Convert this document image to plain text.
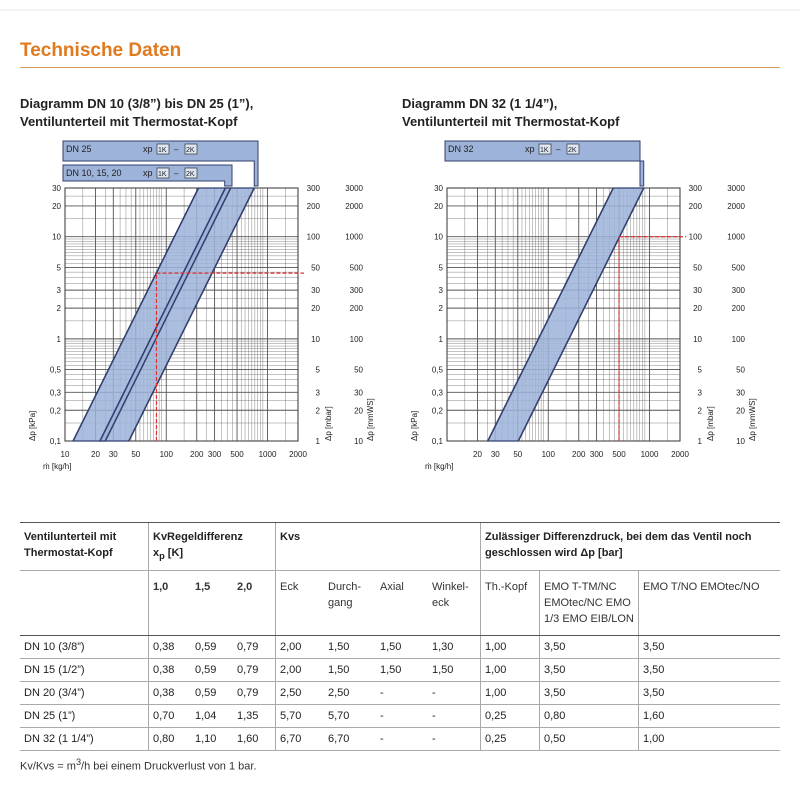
Technische Daten
Diagramm DN 10 (3/8”) bis DN 25 (1”),
Ventilunterteil mit Thermostat-Kopf
Diagramm DN 32 (1 1/4”),
Ventilunterteil mit Thermostat-Kopf
DN 25	xp 1K – 2K
DN 10, 15, 20 xp 1K – 2K
0,1	1	10
0,2	2	20
0,3	3	30
0,5	5	50
1	10	100
2	20	200
3	30	300
5	50	500
10	100	1000
20	200	2000
30	300	3000
10	20 30 50 100 200 300 500 1000 2000
ṁ [kg/h]
Δp [kPa]	Δp [mbar]	Δp [mmWS]
DN 32	xp 1K – 2K
0,1	1	10
0,2	2	20
0,3	3	30
0,5	5	50
1	10	100
2	20	200
3	30	300
5	50	500
10	100	1000
20	200	2000
30	300	3000
20 30 50 100 200 300 500 1000 2000
ṁ [kg/h]
Δp [kPa]	Δp [mbar]	Δp [mmWS]
Ventilunterteil mit Thermostat-Kopf	KvRegeldifferenz
$x_p$ [K]			Kvs				Zulässiger Differenzdruck, bei dem das Ventil noch geschlossen wird Δp [bar]		
	1,0	1,5	2,0	Eck	Durch-gang	Axial	Winkel-eck	Th.-Kopf	EMO T-TM/NC EMOtec/NC EMO 1/3 EMO EIB/LON	EMO T/NO EMOtec/NO
DN 10 (3/8”)	0,38	0,59	0,79	2,00	1,50	1,50	1,30	1,00	3,50	3,50
DN 15 (1/2”)	0,38	0,59	0,79	2,00	1,50	1,50	1,50	1,00	3,50	3,50
DN 20 (3/4”)	0,38	0,59	0,79	2,50	2,50	-	-	1,00	3,50	3,50
DN 25 (1”)	0,70	1,04	1,35	5,70	5,70	-	-	0,25	0,80	1,60
DN 32 (1 1/4”)	0,80	1,10	1,60	6,70	6,70	-	-	0,25	0,50	1,00
$Kv/Kvs = m^3/h$ bei einem Druckverlust von 1 bar.
